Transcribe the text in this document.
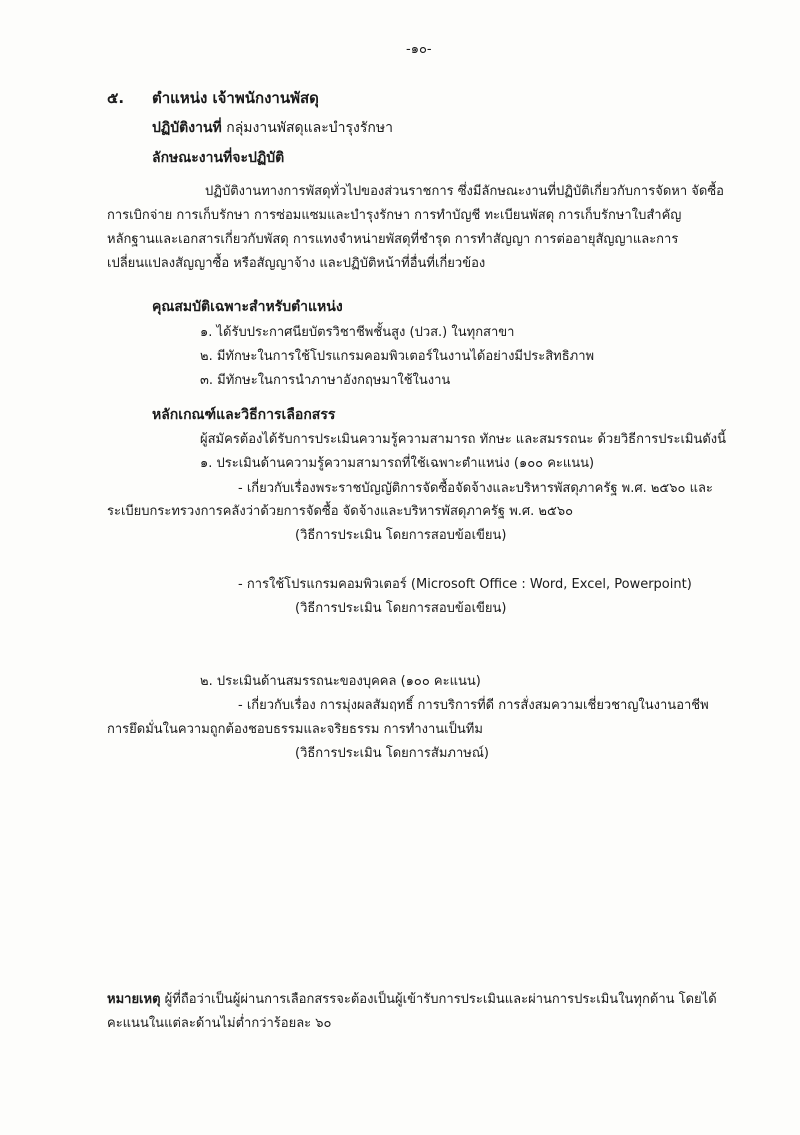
-๑๐-
๕. ตำแหน่ง เจ้าพนักงานพัสดุ
ปฏิบัติงานที่ กลุ่มงานพัสดุและบำรุงรักษา
ลักษณะงานที่จะปฏิบัติ
ปฏิบัติงานทางการพัสดุทั่วไปของส่วนราชการ ซึ่งมีลักษณะงานที่ปฏิบัติเกี่ยวกับการจัดหา จัดซื้อ
การเบิกจ่าย การเก็บรักษา การซ่อมแซมและบำรุงรักษา การทำบัญชี ทะเบียนพัสดุ การเก็บรักษาใบสำคัญ
หลักฐานและเอกสารเกี่ยวกับพัสดุ การแทงจำหน่ายพัสดุที่ชำรุด การทำสัญญา การต่ออายุสัญญาและการ
เปลี่ยนแปลงสัญญาซื้อ หรือสัญญาจ้าง และปฏิบัติหน้าที่อื่นที่เกี่ยวข้อง
คุณสมบัติเฉพาะสำหรับตำแหน่ง
๑. ได้รับประกาศนียบัตรวิชาชีพชั้นสูง (ปวส.) ในทุกสาขา
๒. มีทักษะในการใช้โปรแกรมคอมพิวเตอร์ในงานได้อย่างมีประสิทธิภาพ
๓. มีทักษะในการนำภาษาอังกฤษมาใช้ในงาน
หลักเกณฑ์และวิธีการเลือกสรร
ผู้สมัครต้องได้รับการประเมินความรู้ความสามารถ ทักษะ และสมรรถนะ ด้วยวิธีการประเมินดังนี้
๑. ประเมินด้านความรู้ความสามารถที่ใช้เฉพาะตำแหน่ง (๑๐๐ คะแนน)
- เกี่ยวกับเรื่องพระราชบัญญัติการจัดซื้อจัดจ้างและบริหารพัสดุภาครัฐ พ.ศ. ๒๕๖๐ และ
ระเบียบกระทรวงการคลังว่าด้วยการจัดซื้อ จัดจ้างและบริหารพัสดุภาครัฐ พ.ศ. ๒๕๖๐
(วิธีการประเมิน โดยการสอบข้อเขียน)
- การใช้โปรแกรมคอมพิวเตอร์ (Microsoft Office : Word, Excel, Powerpoint)
(วิธีการประเมิน โดยการสอบข้อเขียน)
๒. ประเมินด้านสมรรถนะของบุคคล (๑๐๐ คะแนน)
- เกี่ยวกับเรื่อง การมุ่งผลสัมฤทธิ์ การบริการที่ดี การสั่งสมความเชี่ยวชาญในงานอาชีพ
การยึดมั่นในความถูกต้องชอบธรรมและจริยธรรม การทำงานเป็นทีม
(วิธีการประเมิน โดยการสัมภาษณ์)
หมายเหตุ ผู้ที่ถือว่าเป็นผู้ผ่านการเลือกสรรจะต้องเป็นผู้เข้ารับการประเมินและผ่านการประเมินในทุกด้าน โดยได้
คะแนนในแต่ละด้านไม่ต่ำกว่าร้อยละ ๖๐
